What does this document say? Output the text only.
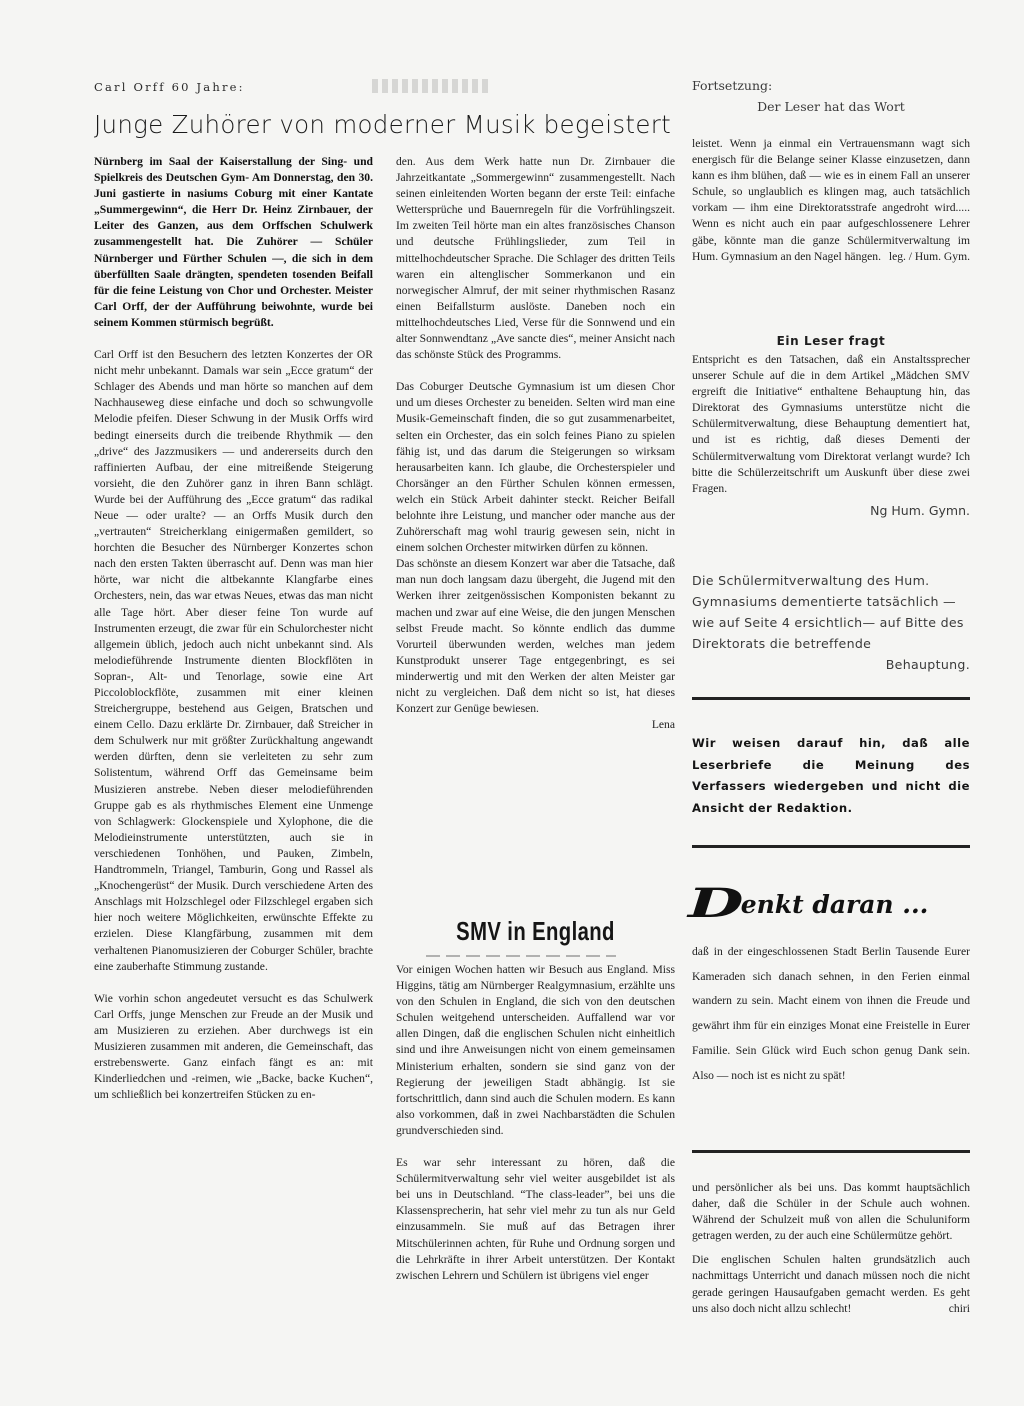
Carl Orff 60 Jahre:
Junge Zuhörer von moderner Musik begeistert

Nürnberg im Saal der Kaiserstallung der Sing- und Spielkreis des Deutschen Gym- Am Donnerstag, den 30. Juni gastierte in nasiums Coburg mit einer Kantate „Summergewinn“, die Herr Dr. Heinz Zirnbauer, der Leiter des Ganzen, aus dem Orffschen Schulwerk zusammengestellt hat. Die Zuhörer — Schüler Nürnberger und Fürther Schulen —, die sich in dem überfüllten Saale drängten, spendeten tosenden Beifall für die feine Leistung von Chor und Orchester. Meister Carl Orff, der der Aufführung beiwohnte, wurde bei seinem Kommen stürmisch begrüßt.

Carl Orff ist den Besuchern des letzten Konzertes der OR nicht mehr unbekannt. Damals war sein „Ecce gratum“ der Schlager des Abends und man hörte so manchen auf dem Nachhauseweg diese einfache und doch so schwungvolle Melodie pfeifen. Dieser Schwung in der Musik Orffs wird bedingt einerseits durch die treibende Rhythmik — den „drive“ des Jazzmusikers — und andererseits durch den raffinierten Aufbau, der eine mitreißende Steigerung vorsieht, die den Zuhörer ganz in ihren Bann schlägt. Wurde bei der Aufführung des „Ecce gratum“ das radikal Neue — oder uralte? — an Orffs Musik durch den „vertrauten“ Streicherklang einigermaßen gemildert, so horchten die Besucher des Nürnberger Konzertes schon nach den ersten Takten überrascht auf. Denn was man hier hörte, war nicht die altbekannte Klangfarbe eines Orchesters, nein, das war etwas Neues, etwas das man nicht alle Tage hört. Aber dieser feine Ton wurde auf Instrumenten erzeugt, die zwar für ein Schulorchester nicht allgemein üblich, jedoch auch nicht unbekannt sind. Als melodieführende Instrumente dienten Blockflöten in Sopran-, Alt- und Tenorlage, sowie eine Art Piccoloblockflöte, zusammen mit einer kleinen Streichergruppe, bestehend aus Geigen, Bratschen und einem Cello. Dazu erklärte Dr. Zirnbauer, daß Streicher in dem Schulwerk nur mit größter Zurückhaltung angewandt werden dürften, denn sie verleiteten zu sehr zum Solistentum, während Orff das Gemeinsame beim Musizieren anstrebe. Neben dieser melodieführenden Gruppe gab es als rhythmisches Element eine Unmenge von Schlagwerk: Glockenspiele und Xylophone, die die Melodieinstrumente unterstützten, auch sie in verschiedenen Tonhöhen, und Pauken, Zimbeln, Handtrommeln, Triangel, Tamburin, Gong und Rassel als „Knochengerüst“ der Musik. Durch verschiedene Arten des Anschlags mit Holzschlegel oder Filzschlegel ergaben sich hier noch weitere Möglichkeiten, erwünschte Effekte zu erzielen. Diese Klangfärbung, zusammen mit dem verhaltenen Pianomusizieren der Coburger Schüler, brachte eine zauberhafte Stimmung zustande.

Wie vorhin schon angedeutet versucht es das Schulwerk Carl Orffs, junge Menschen zur Freude an der Musik und am Musizieren zu erziehen. Aber durchwegs ist ein Musizieren zusammen mit anderen, die Gemeinschaft, das erstrebenswerte. Ganz einfach fängt es an: mit Kinderliedchen und -reimen, wie „Backe, backe Kuchen“, um schließlich bei konzertreifen Stücken zu en-

den. Aus dem Werk hatte nun Dr. Zirnbauer die Jahrzeitkantate „Sommergewinn“ zusammengestellt. Nach seinen einleitenden Worten begann der erste Teil: einfache Wettersprüche und Bauernregeln für die Vorfrühlingszeit. Im zweiten Teil hörte man ein altes französisches Chanson und deutsche Frühlingslieder, zum Teil in mittelhochdeutscher Sprache. Die Schlager des dritten Teils waren ein altenglischer Sommerkanon und ein norwegischer Almruf, der mit seiner rhythmischen Rasanz einen Beifallsturm auslöste. Daneben noch ein mittelhochdeutsches Lied, Verse für die Sonnwend und ein alter Sonnwendtanz „Ave sancte dies“, meiner Ansicht nach das schönste Stück des Programms.

Das Coburger Deutsche Gymnasium ist um diesen Chor und um dieses Orchester zu beneiden. Selten wird man eine Musik-Gemeinschaft finden, die so gut zusammenarbeitet, selten ein Orchester, das ein solch feines Piano zu spielen fähig ist, und das darum die Steigerungen so wirksam herausarbeiten kann. Ich glaube, die Orchesterspieler und Chorsänger an den Fürther Schulen können ermessen, welch ein Stück Arbeit dahinter steckt. Reicher Beifall belohnte ihre Leistung, und mancher oder manche aus der Zuhörerschaft mag wohl traurig gewesen sein, nicht in einem solchen Orchester mitwirken dürfen zu können.

Das schönste an diesem Konzert war aber die Tatsache, daß man nun doch langsam dazu übergeht, die Jugend mit den Werken ihrer zeitgenössischen Komponisten bekannt zu machen und zwar auf eine Weise, die den jungen Menschen selbst Freude macht. So könnte endlich das dumme Vorurteil überwunden werden, welches man jedem Kunstprodukt unserer Tage entgegenbringt, es sei minderwertig und mit den Werken der alten Meister gar nicht zu vergleichen. Daß dem nicht so ist, hat dieses Konzert zur Genüge bewiesen.

Lena
SMV in England

Vor einigen Wochen hatten wir Besuch aus England. Miss Higgins, tätig am Nürnberger Realgymnasium, erzählte uns von den Schulen in England, die sich von den deutschen Schulen weitgehend unterscheiden. Auffallend war vor allen Dingen, daß die englischen Schulen nicht einheitlich sind und ihre Anweisungen nicht von einem gemeinsamen Ministerium erhalten, sondern sie sind ganz von der Regierung der jeweiligen Stadt abhängig. Ist sie fortschrittlich, dann sind auch die Schulen modern. Es kann also vorkommen, daß in zwei Nachbarstädten die Schulen grundverschieden sind.

Es war sehr interessant zu hören, daß die Schülermitverwaltung sehr viel weiter ausgebildet ist als bei uns in Deutschland. “The class-leader”, bei uns die Klassensprecherin, hat sehr viel mehr zu tun als nur Geld einzusammeln. Sie muß auf das Betragen ihrer Mitschülerinnen achten, für Ruhe und Ordnung sorgen und die Lehrkräfte in ihrer Arbeit unterstützen. Der Kontakt zwischen Lehrern und Schülern ist übrigens viel enger

Fortsetzung:
Der Leser hat das Wort

leistet. Wenn ja einmal ein Vertrauensmann wagt sich energisch für die Belange seiner Klasse einzusetzen, dann kann es ihm blühen, daß — wie es in einem Fall an unserer Schule, so unglaublich es klingen mag, auch tatsächlich vorkam — ihm eine Direktoratsstrafe angedroht wird..... Wenn es nicht auch ein paar aufgeschlossenere Lehrer gäbe, könnte man die ganze Schülermitverwaltung im Hum. Gymnasium an den Nagel hängen. leg. / Hum. Gym.
Ein Leser fragt

Entspricht es den Tatsachen, daß ein Anstaltssprecher unserer Schule auf die in dem Artikel „Mädchen SMV ergreift die Initiative“ enthaltene Behauptung hin, das Direktorat des Gymnasiums unterstütze nicht die Schülermitverwaltung, diese Behauptung dementiert hat, und ist es richtig, daß dieses Dementi der Schülermitverwaltung vom Direktorat verlangt wurde? Ich bitte die Schülerzeitschrift um Auskunft über diese zwei Fragen.

Ng Hum. Gymn.

Die Schülermitverwaltung des Hum. Gymnasiums dementierte tatsächlich —wie auf Seite 4 ersichtlich— auf Bitte des Direktorats die betreffende

Behauptung.

Wir weisen darauf hin, daß alle Leserbriefe die Meinung des Verfassers wiedergeben und nicht die Ansicht der Redaktion.

Denkt daran ...

daß in der eingeschlossenen Stadt Berlin Tausende Eurer Kameraden sich danach sehnen, in den Ferien einmal wandern zu sein. Macht einem von ihnen die Freude und gewährt ihm für ein einziges Monat eine Freistelle in Eurer Familie. Sein Glück wird Euch schon genug Dank sein. Also — noch ist es nicht zu spät!

und persönlicher als bei uns. Das kommt hauptsächlich daher, daß die Schüler in der Schule auch wohnen. Während der Schulzeit muß von allen die Schuluniform getragen werden, zu der auch eine Schülermütze gehört.

Die englischen Schulen halten grundsätzlich auch nachmittags Unterricht und danach müssen noch die nicht gerade geringen Hausaufgaben gemacht werden. Es geht uns also doch nicht allzu schlecht!	chiri
